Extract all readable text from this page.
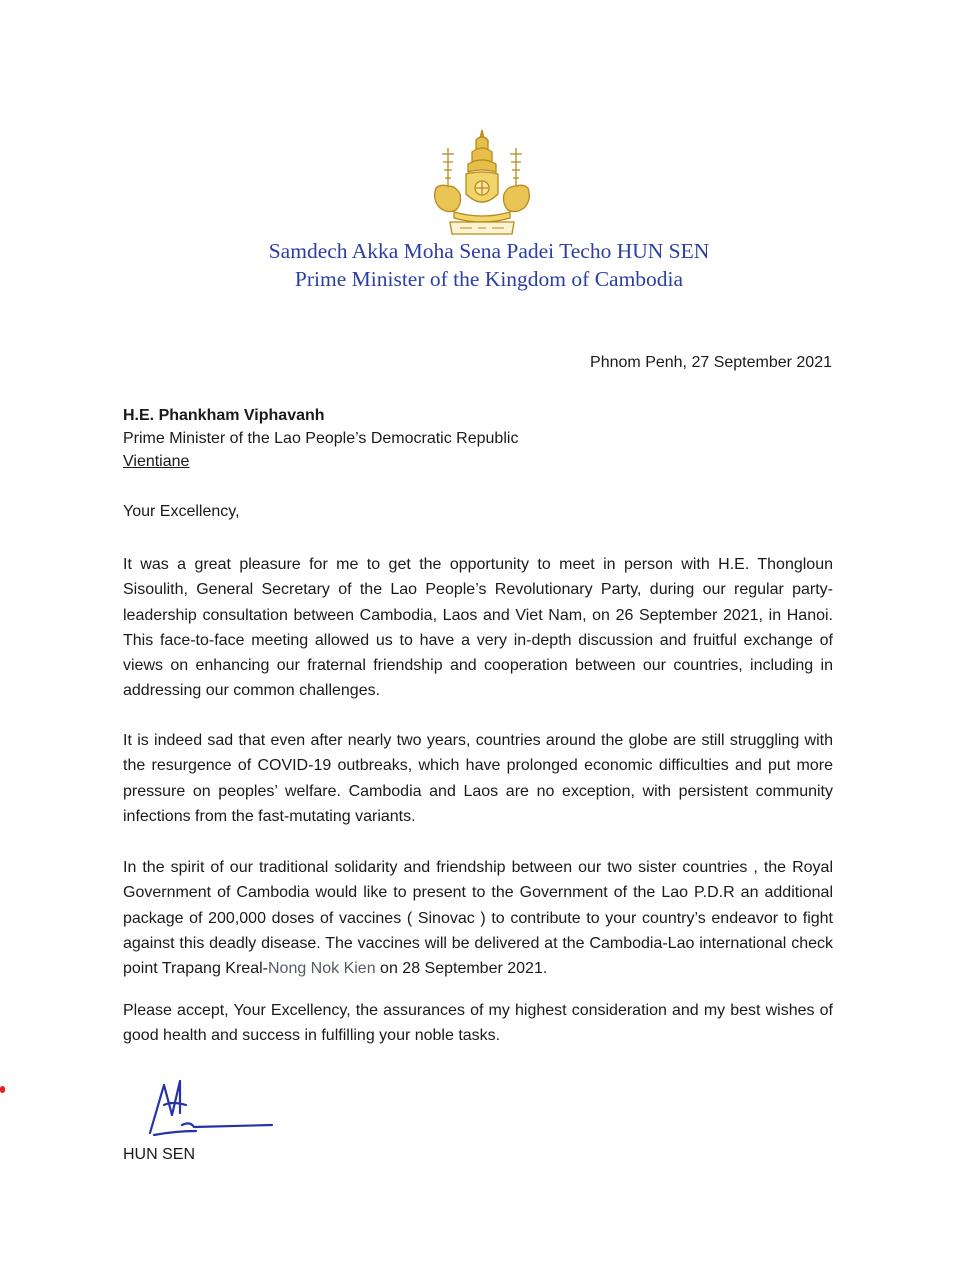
Samdech Akka Moha Sena Padei Techo HUN SEN
Prime Minister of the Kingdom of Cambodia
Phnom Penh, 27 September 2021
H.E. Phankham Viphavanh
Prime Minister of the Lao People’s Democratic Republic
Vientiane
Your Excellency,
It was a great pleasure for me to get the opportunity to meet in person with H.E. Thongloun Sisoulith, General Secretary of the Lao People’s Revolutionary Party, during our regular party-leadership consultation between Cambodia, Laos and Viet Nam, on 26 September 2021, in Hanoi. This face-to-face meeting allowed us to have a very in-depth discussion and fruitful exchange of views on enhancing our fraternal friendship and cooperation between our countries, including in addressing our common challenges.
It is indeed sad that even after nearly two years, countries around the globe are still struggling with the resurgence of COVID-19 outbreaks, which have prolonged economic difficulties and put more pressure on peoples’ welfare. Cambodia and Laos are no exception, with persistent community infections from the fast-mutating variants.
In the spirit of our traditional solidarity and friendship between our two sister countries , the Royal Government of Cambodia would like to present to the Government of the Lao P.D.R an additional package of 200,000 doses of vaccines ( Sinovac ) to contribute to your country’s endeavor to fight against this deadly disease. The vaccines will be delivered at the Cambodia-Lao international check point Trapang Kreal-Nong Nok Kien on 28 September 2021.
Please accept, Your Excellency, the assurances of my highest consideration and my best wishes of good health and success in fulfilling your noble tasks.
HUN SEN
